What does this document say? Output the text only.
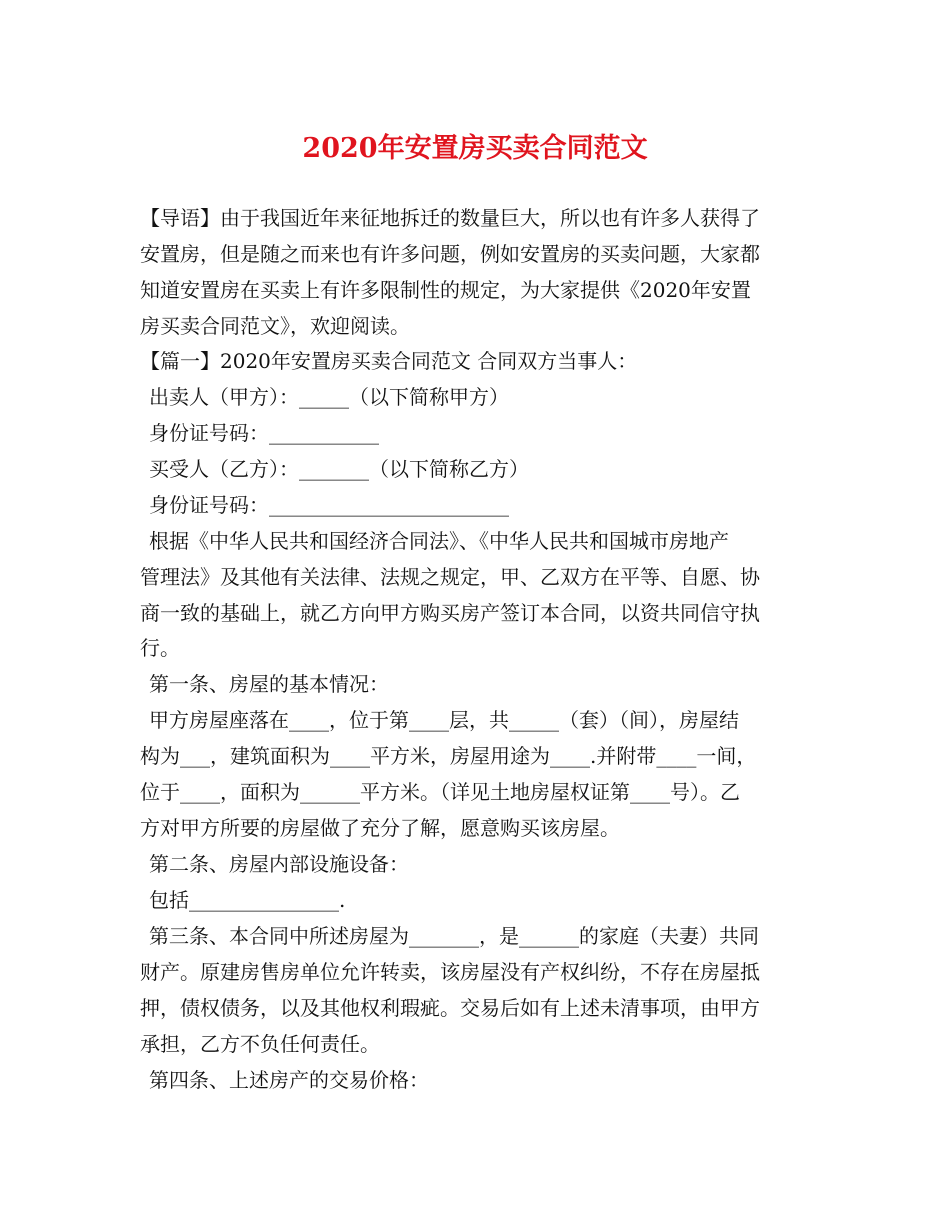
2020年安置房买卖合同范文
【导语】由于我国近年来征地拆迁的数量巨大，所以也有许多人获得了
安置房，但是随之而来也有许多问题，例如安置房的买卖问题，大家都
知道安置房在买卖上有许多限制性的规定，为大家提供《2020年安置
房买卖合同范文》，欢迎阅读。
【篇一】2020年安置房买卖合同范文 合同双方当事人：
出卖人（甲方）：_____（以下简称甲方）
身份证号码：___________
买受人（乙方）：_______（以下简称乙方）
身份证号码：________________________
根据《中华人民共和国经济合同法》、《中华人民共和国城市房地产
管理法》及其他有关法律、法规之规定，甲、乙双方在平等、自愿、协
商一致的基础上，就乙方向甲方购买房产签订本合同，以资共同信守执
行。
第一条、房屋的基本情况：
甲方房屋座落在____，位于第____层，共_____（套）（间），房屋结
构为___，建筑面积为____平方米，房屋用途为____.并附带____一间，
位于____，面积为______平方米。（详见土地房屋权证第____号）。乙
方对甲方所要的房屋做了充分了解，愿意购买该房屋。
第二条、房屋内部设施设备：
包括_______________.
第三条、本合同中所述房屋为_______，是______的家庭（夫妻）共同
财产。原建房售房单位允许转卖，该房屋没有产权纠纷，不存在房屋抵
押，债权债务，以及其他权利瑕疵。交易后如有上述未清事项，由甲方
承担，乙方不负任何责任。
第四条、上述房产的交易价格：
